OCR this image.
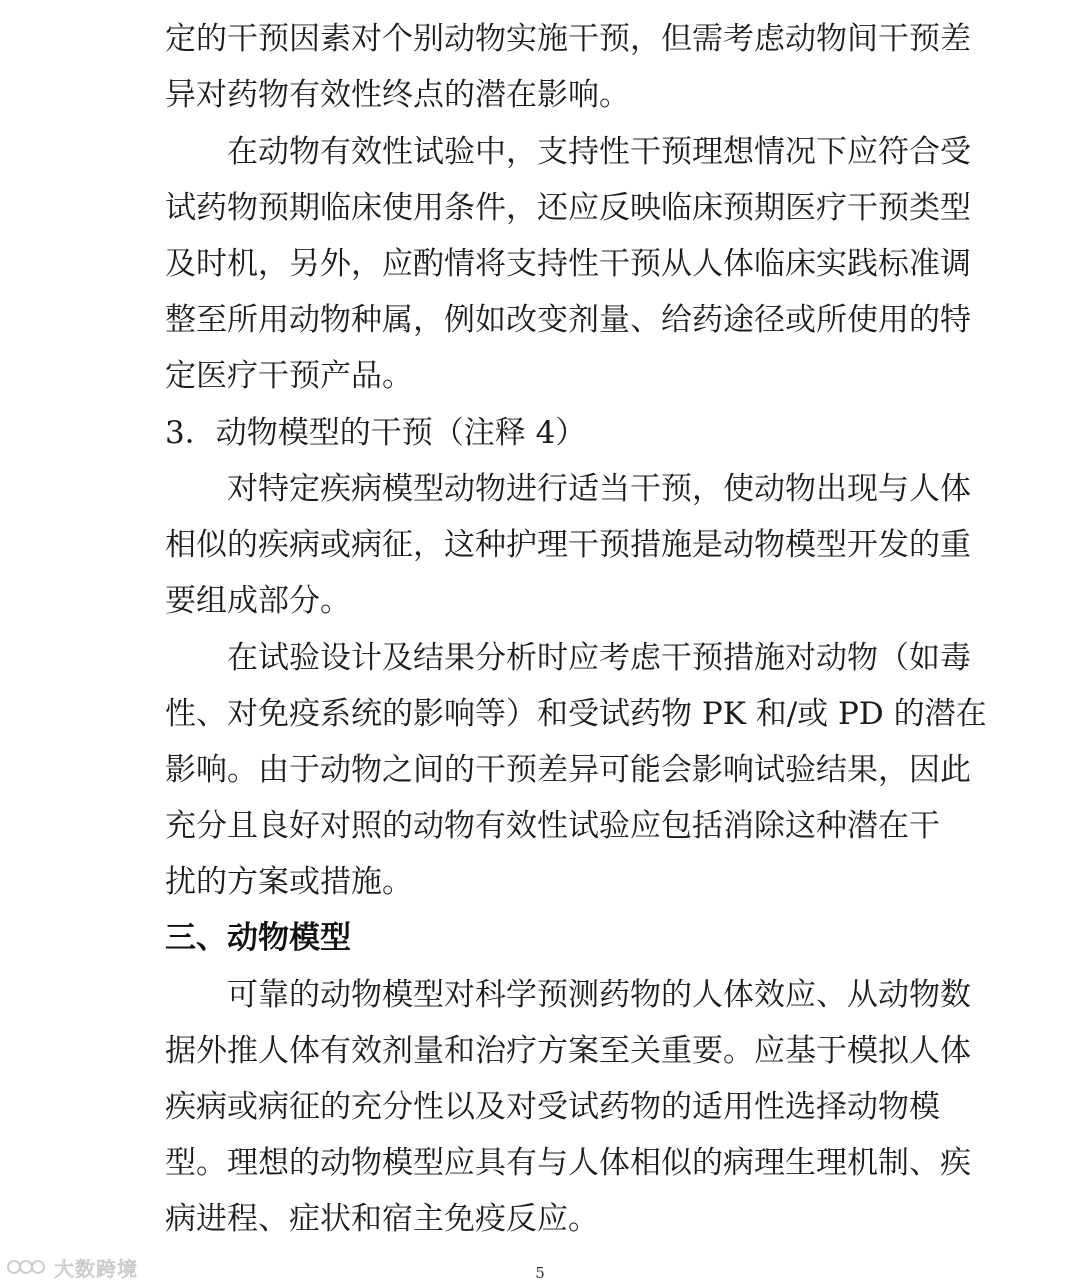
定的干预因素对个别动物实施干预，但需考虑动物间干预差
异对药物有效性终点的潜在影响。
在动物有效性试验中，支持性干预理想情况下应符合受
试药物预期临床使用条件，还应反映临床预期医疗干预类型
及时机，另外，应酌情将支持性干预从人体临床实践标准调
整至所用动物种属，例如改变剂量、给药途径或所使用的特
定医疗干预产品。
3．动物模型的干预（注释 4）
对特定疾病模型动物进行适当干预，使动物出现与人体
相似的疾病或病征，这种护理干预措施是动物模型开发的重
要组成部分。
在试验设计及结果分析时应考虑干预措施对动物（如毒
性、对免疫系统的影响等）和受试药物 PK 和/或 PD 的潜在
影响。由于动物之间的干预差异可能会影响试验结果，因此
充分且良好对照的动物有效性试验应包括消除这种潜在干
扰的方案或措施。
三、动物模型
可靠的动物模型对科学预测药物的人体效应、从动物数
据外推人体有效剂量和治疗方案至关重要。应基于模拟人体
疾病或病征的充分性以及对受试药物的适用性选择动物模
型。理想的动物模型应具有与人体相似的病理生理机制、疾
病进程、症状和宿主免疫反应。
大数跨境	5
